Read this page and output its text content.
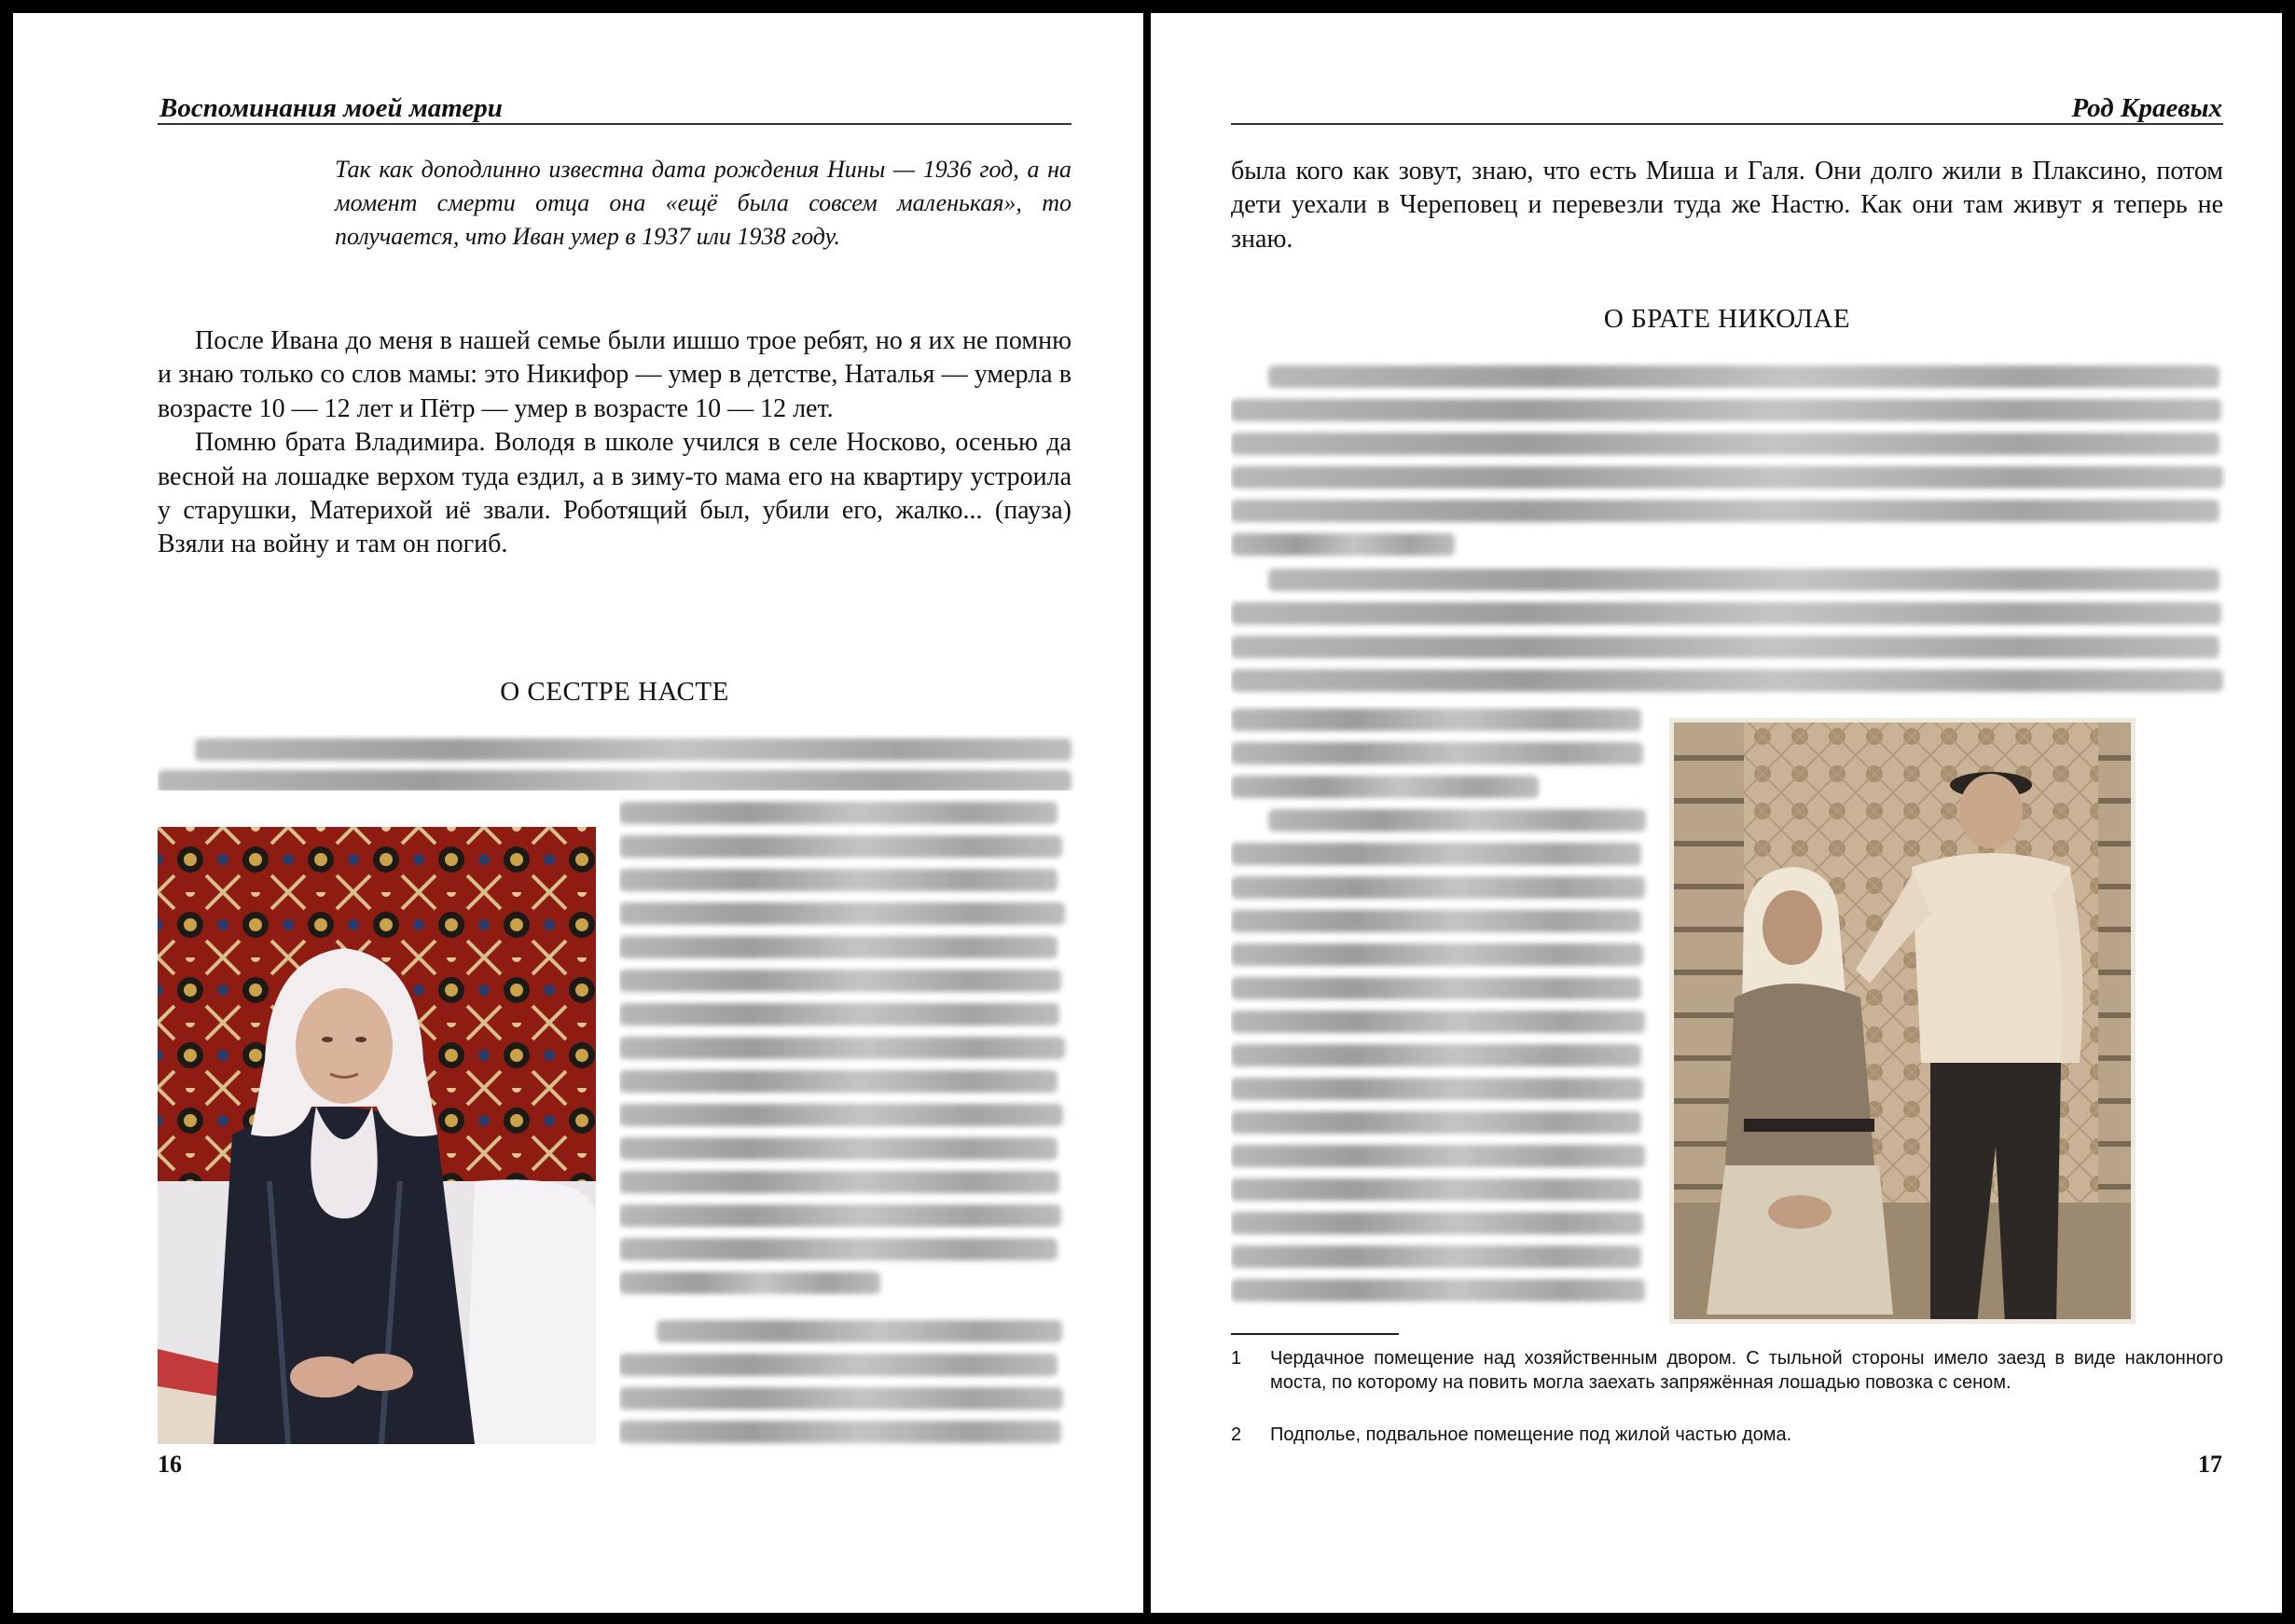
Воспоминания моей матери
Так как доподлинно известна дата рождения Нины — 1936 год, а на момент смерти отца она «ещё была совсем маленькая», то получается, что Иван умер в 1937 или 1938 году.

После Ивана до меня в нашей семье были ишшо трое ребят, но я их не помню и знаю только со слов мамы: это Никифор — умер в детстве, Наталья — умерла в возрасте 10 — 12 лет и Пётр — умер в возрасте 10 — 12 лет.

Помню брата Владимира. Володя в школе учился в селе Носково, осенью да весной на лошадке верхом туда ездил, а в зиму-то мама его на квартиру устроила у старушки, Материхой иё звали. Роботящий был, убили его, жалко... (пауза) Взяли на войну и там он погиб.

О СЕСТРЕ НАСТЕ
16
Род Краевых

была кого как зовут, знаю, что есть Миша и Галя. Они долго жили в Плаксино, потом дети уехали в Череповец и перевезли туда же Настю. Как они там живут я теперь не знаю.

О БРАТЕ НИКОЛАЕ
1 Чердачное помещение над хозяйственным двором. С тыльной стороны имело заезд в виде наклонного моста, по которому на повить могла заехать запряжённая лошадью повозка с сеном.
2 Подполье, подвальное помещение под жилой частью дома.
17
